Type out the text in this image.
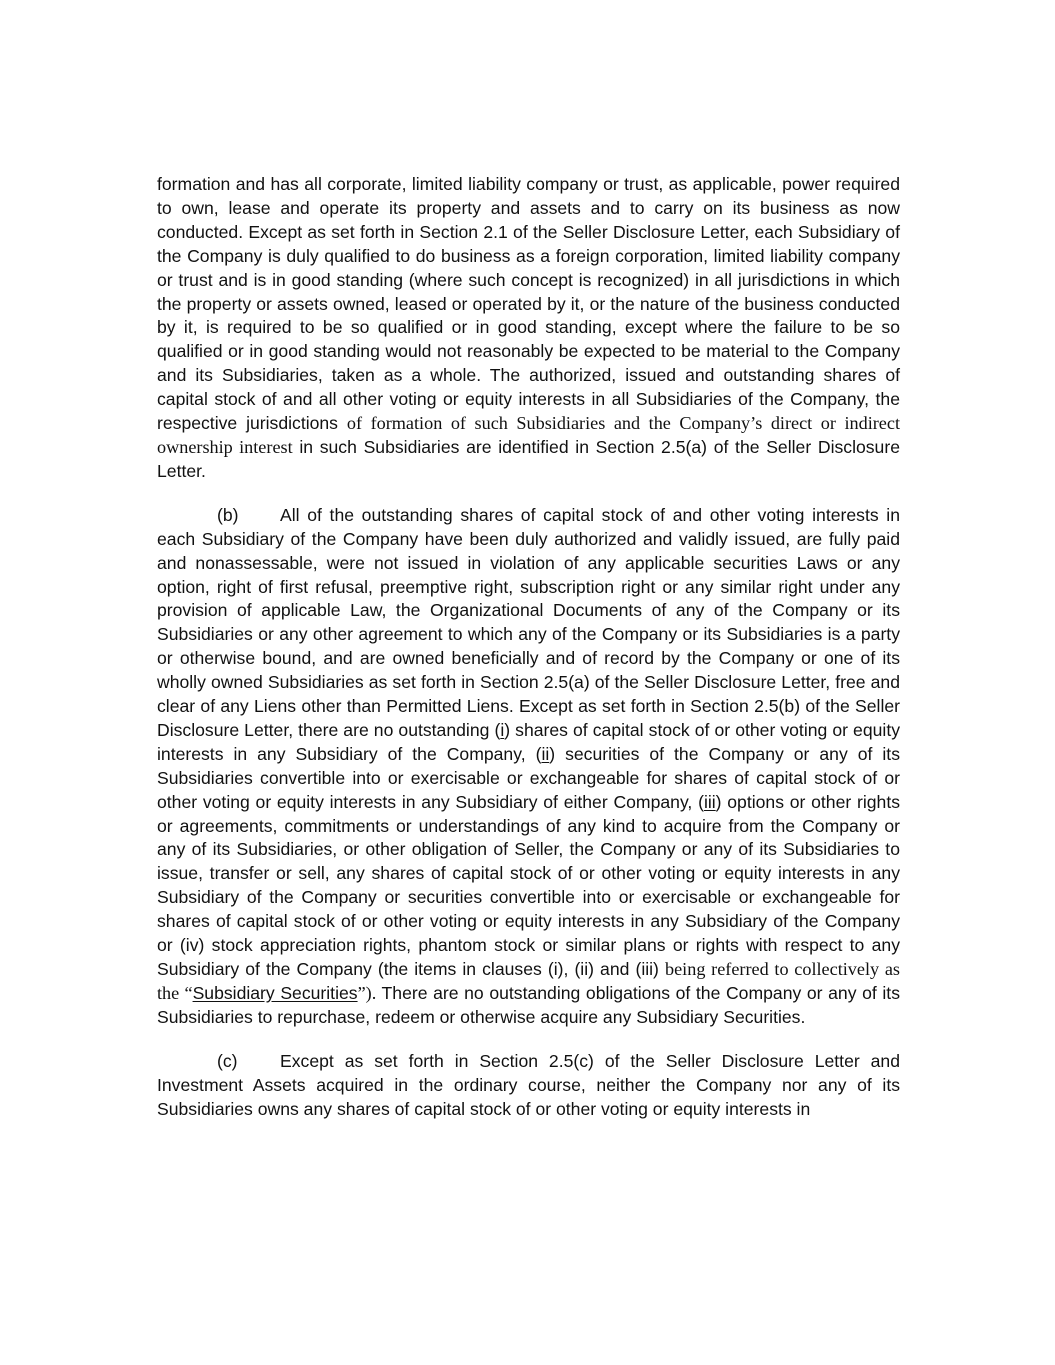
formation and has all corporate, limited liability company or trust, as applicable, power required to own, lease and operate its property and assets and to carry on its business as now conducted. Except as set forth in Section 2.1 of the Seller Disclosure Letter, each Subsidiary of the Company is duly qualified to do business as a foreign corporation, limited liability company or trust and is in good standing (where such concept is recognized) in all jurisdictions in which the property or assets owned, leased or operated by it, or the nature of the business conducted by it, is required to be so qualified or in good standing, except where the failure to be so qualified or in good standing would not reasonably be expected to be material to the Company and its Subsidiaries, taken as a whole. The authorized, issued and outstanding shares of capital stock of and all other voting or equity interests in all Subsidiaries of the Company, the respective jurisdictions of formation of such Subsidiaries and the Company’s direct or indirect ownership interest in such Subsidiaries are identified in Section 2.5(a) of the Seller Disclosure Letter.

(b) All of the outstanding shares of capital stock of and other voting interests in each Subsidiary of the Company have been duly authorized and validly issued, are fully paid and nonassessable, were not issued in violation of any applicable securities Laws or any option, right of first refusal, preemptive right, subscription right or any similar right under any provision of applicable Law, the Organizational Documents of any of the Company or its Subsidiaries or any other agreement to which any of the Company or its Subsidiaries is a party or otherwise bound, and are owned beneficially and of record by the Company or one of its wholly owned Subsidiaries as set forth in Section 2.5(a) of the Seller Disclosure Letter, free and clear of any Liens other than Permitted Liens. Except as set forth in Section 2.5(b) of the Seller Disclosure Letter, there are no outstanding (i) shares of capital stock of or other voting or equity interests in any Subsidiary of the Company, (ii) securities of the Company or any of its Subsidiaries convertible into or exercisable or exchangeable for shares of capital stock of or other voting or equity interests in any Subsidiary of either Company, (iii) options or other rights or agreements, commitments or understandings of any kind to acquire from the Company or any of its Subsidiaries, or other obligation of Seller, the Company or any of its Subsidiaries to issue, transfer or sell, any shares of capital stock of or other voting or equity interests in any Subsidiary of the Company or securities convertible into or exercisable or exchangeable for shares of capital stock of or other voting or equity interests in any Subsidiary of the Company or (iv) stock appreciation rights, phantom stock or similar plans or rights with respect to any Subsidiary of the Company (the items in clauses (i), (ii) and (iii) being referred to collectively as the “Subsidiary Securities”). There are no outstanding obligations of the Company or any of its Subsidiaries to repurchase, redeem or otherwise acquire any Subsidiary Securities.

(c) Except as set forth in Section 2.5(c) of the Seller Disclosure Letter and Investment Assets acquired in the ordinary course, neither the Company nor any of its Subsidiaries owns any shares of capital stock of or other voting or equity interests in
